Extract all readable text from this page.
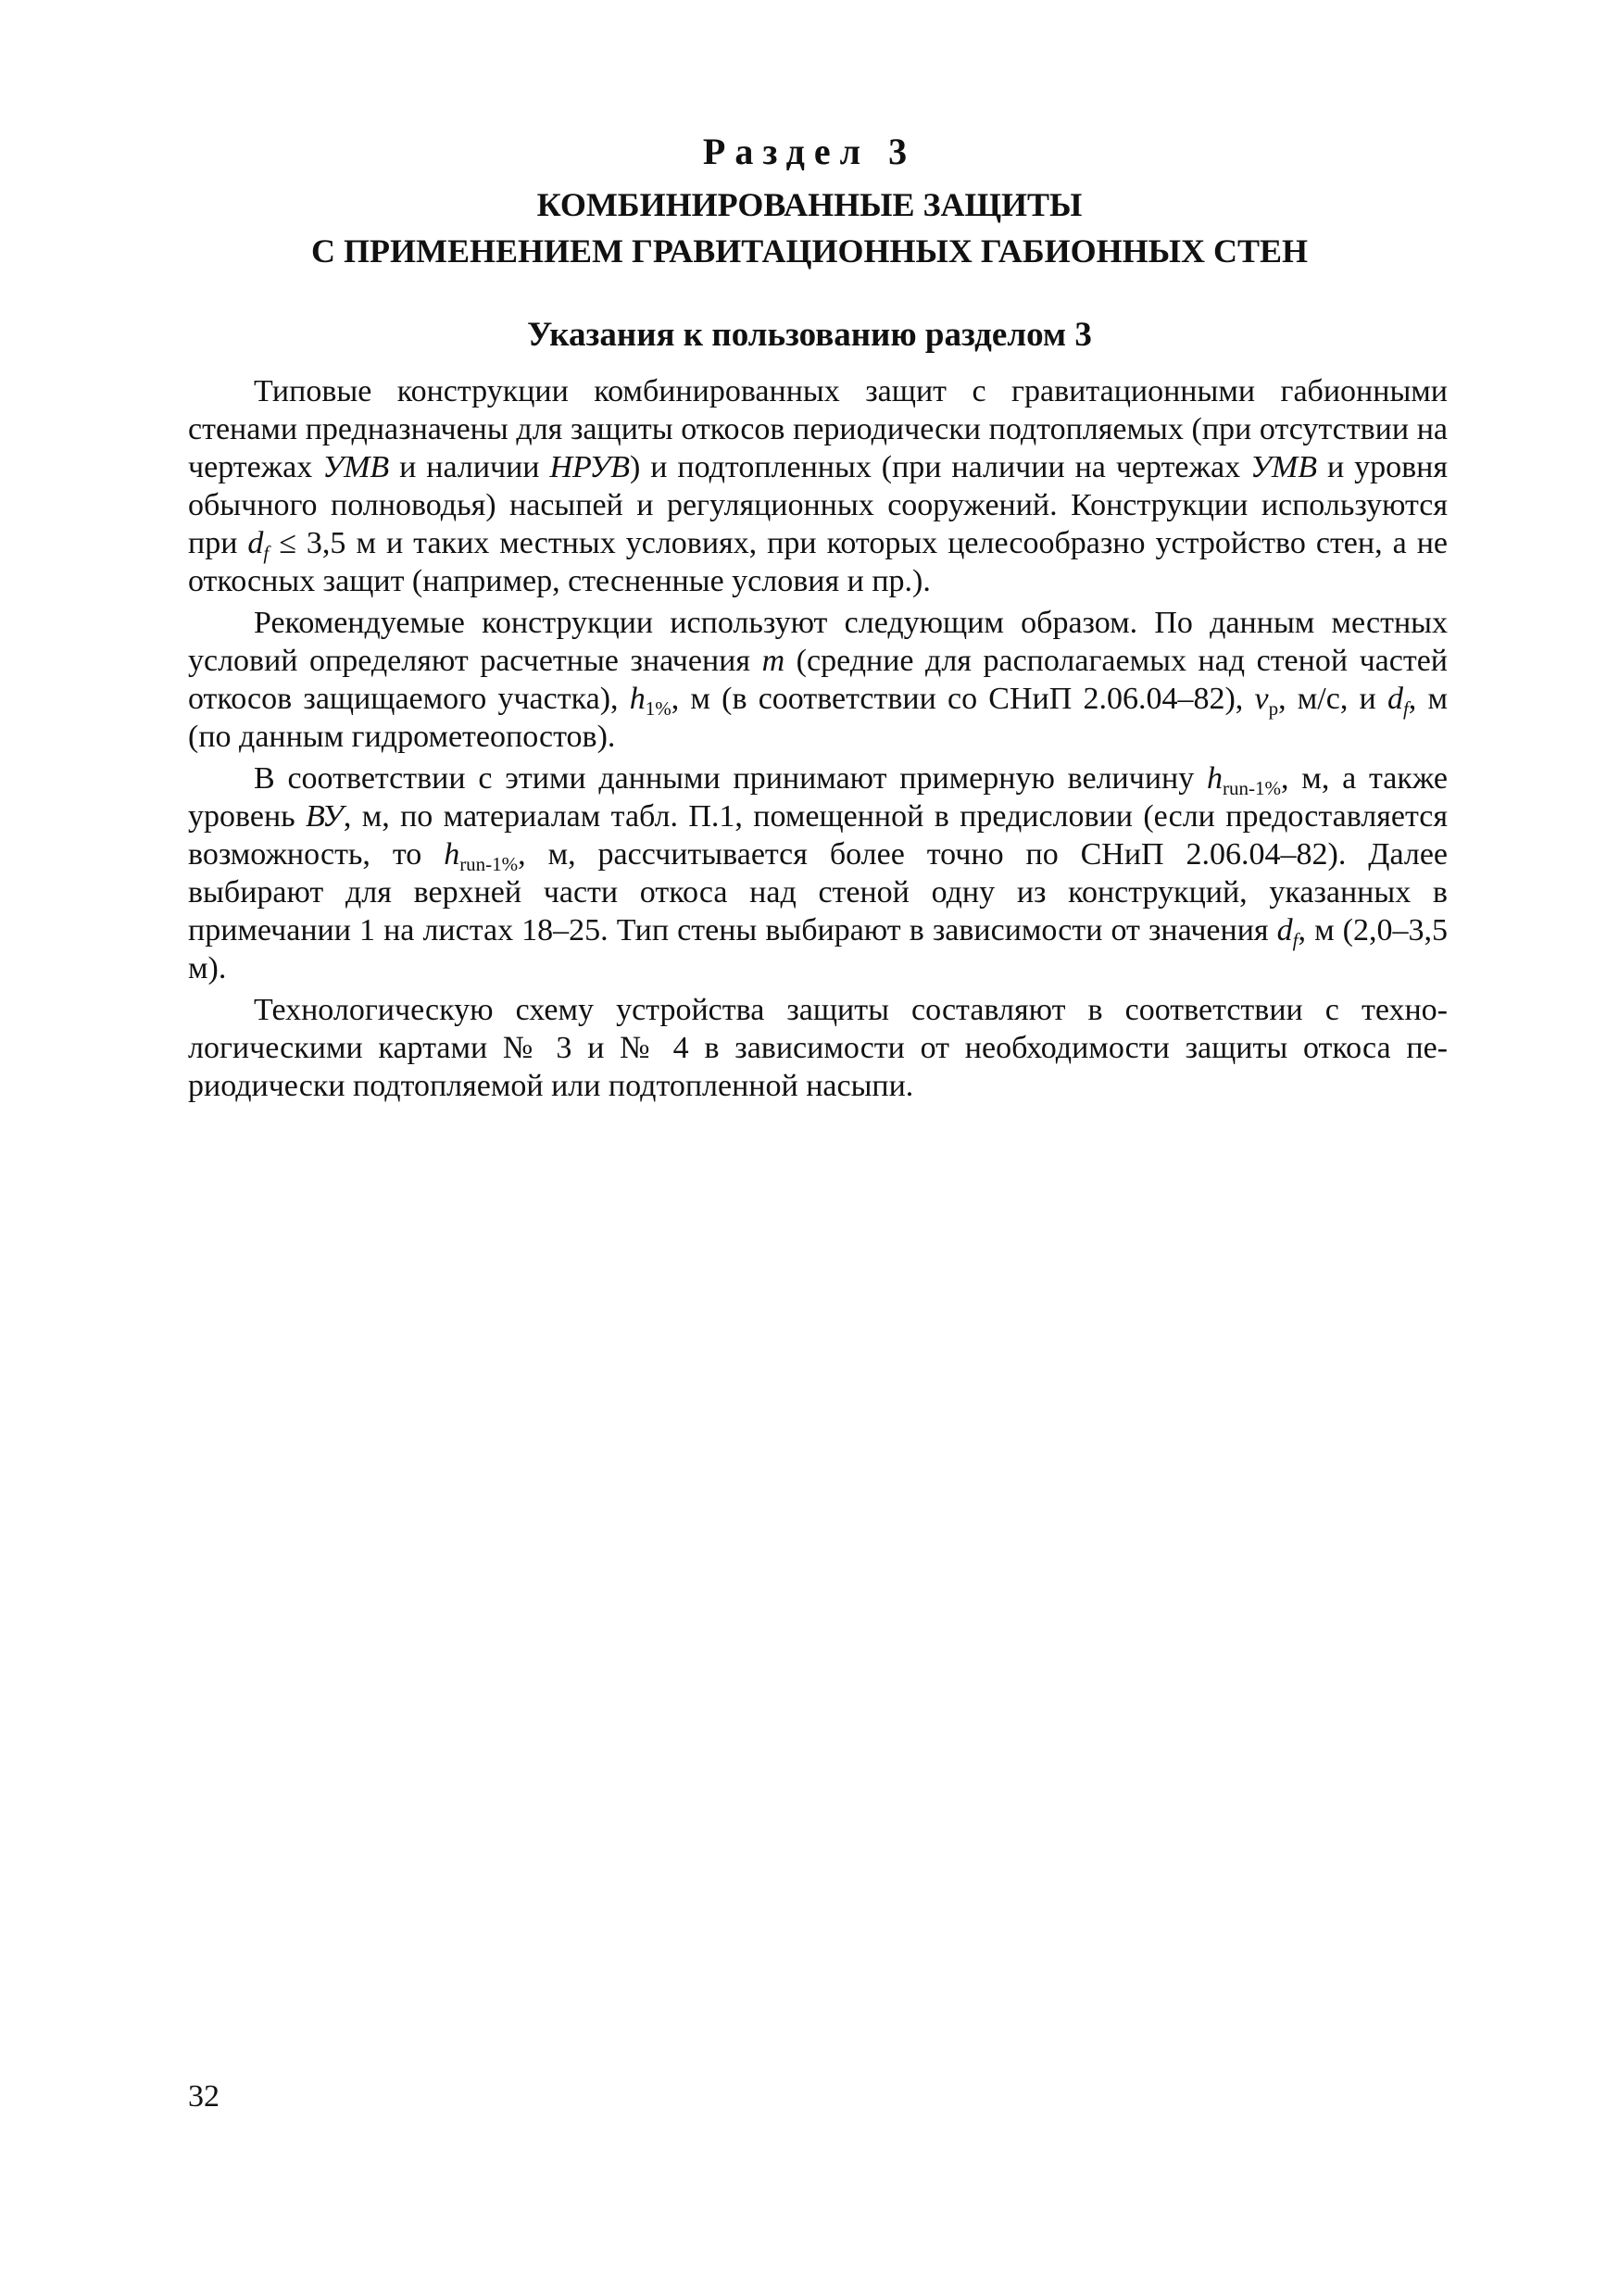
Раздел 3
КОМБИНИРОВАННЫЕ ЗАЩИТЫ
С ПРИМЕНЕНИЕМ ГРАВИТАЦИОННЫХ ГАБИОННЫХ СТЕН
Указания к пользованию разделом 3

Типовые конструкции комбинированных защит с гравитационными габионными стенами предназначены для защиты откосов периодически подтопляемых (при отсутствии на чертежах УМВ и наличии НРУВ) и подтопленных (при наличии на чертежах УМВ и уровня обычного полноводья) насыпей и регуляционных сооружений. Конструкции используются при $d_f \le 3,5$ м и таких местных условиях, при которых целесообразно устройство стен, а не откосных защит (например, стесненные условия и пр.).

Рекомендуемые конструкции используют следующим образом. По данным местных условий определяют расчетные значения m (средние для располагаемых над стеной частей откосов защищаемого участка), $h_{1\%}$, м (в соответствии со СНиП 2.06.04–82), $v_р$, м/с, и $d_f$, м (по данным гидрометеопостов).

В соответствии с этими данными принимают примерную величину $h_{run-1\%}$, м, а также уровень ВУ, м, по материалам табл. П.1, помещенной в предисловии (если предоставляется возможность, то $h_{run-1\%}$, м, рассчитывается более точно по СНиП 2.06.04–82). Далее выбирают для верхней части откоса над стеной одну из конструкций, указанных в примечании 1 на листах 18–25. Тип стены выбирают в зависимости от значения $d_f$, м (2,0–3,5 м).

Технологическую схему устройства защиты составляют в соответствии с технологическими картами № 3 и № 4 в зависимости от необходимости защиты откоса периодически подтопляемой или подтопленной насыпи.

32
